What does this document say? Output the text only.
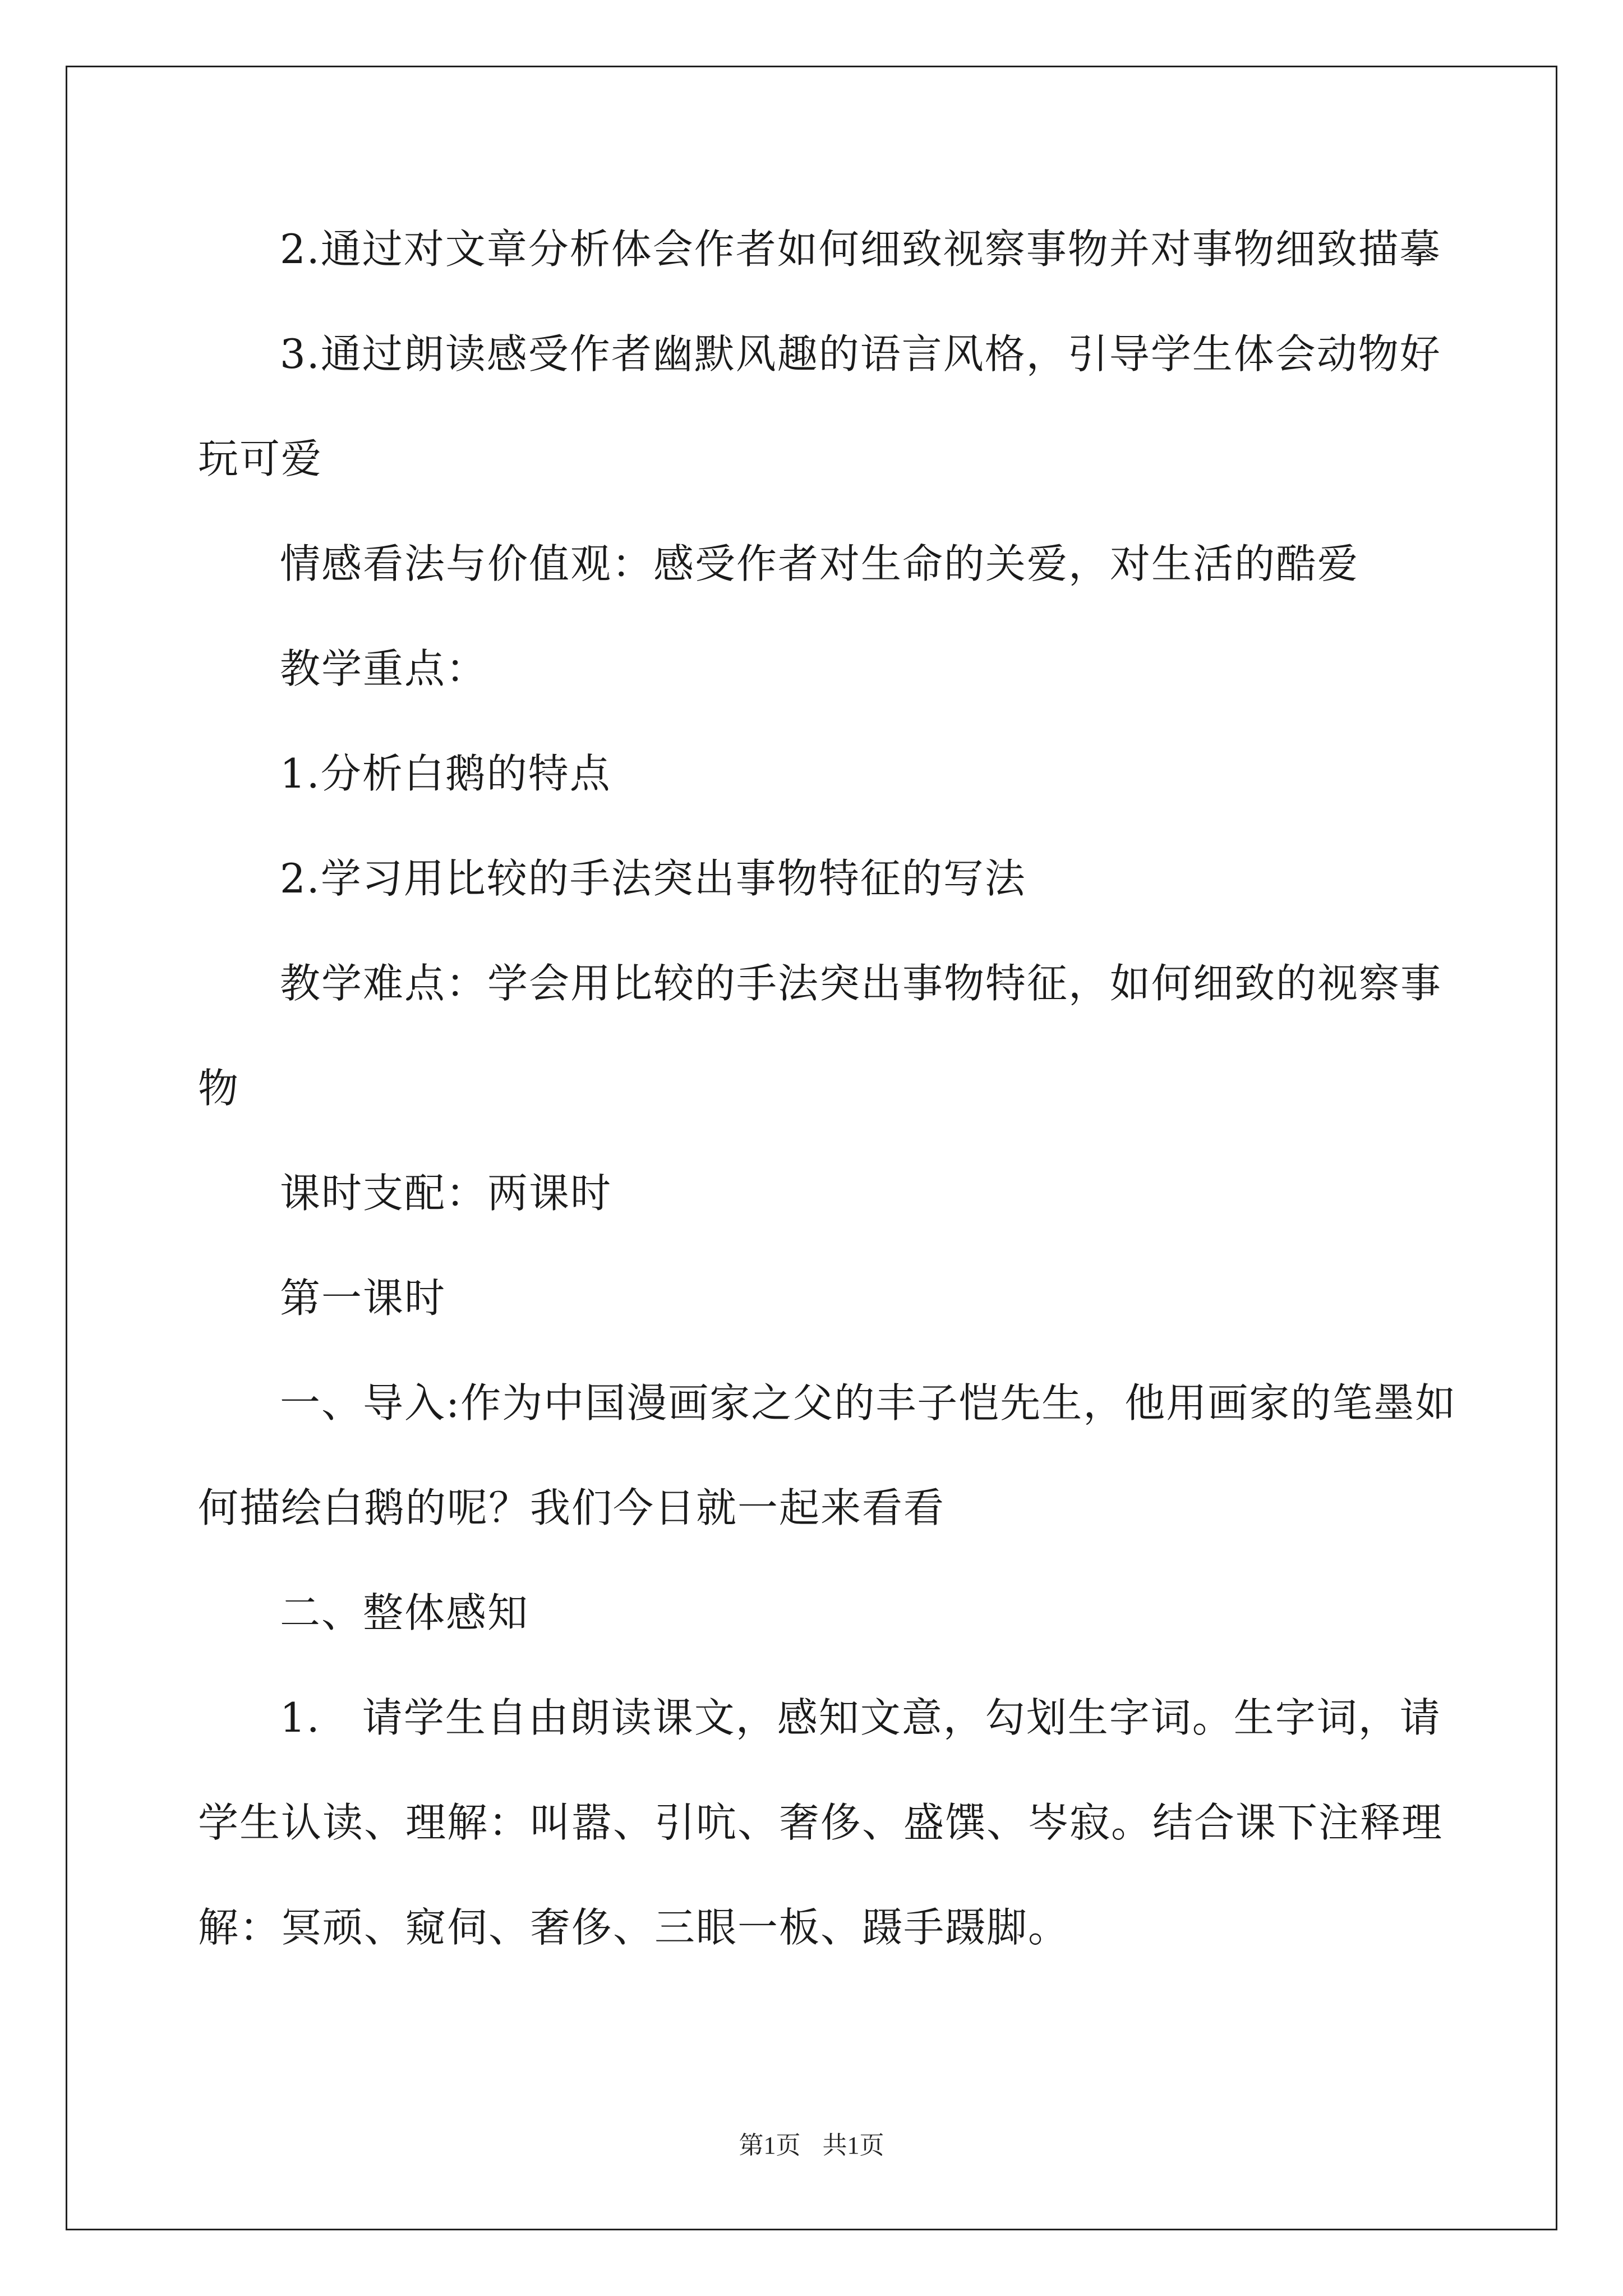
2.通过对文章分析体会作者如何细致视察事物并对事物细致描摹
3.通过朗读感受作者幽默风趣的语言风格，引导学生体会动物好
玩可爱
情感看法与价值观：感受作者对生命的关爱，对生活的酷爱
教学重点：
1.分析白鹅的特点
2.学习用比较的手法突出事物特征的写法
教学难点：学会用比较的手法突出事物特征，如何细致的视察事
物
课时支配：两课时
第一课时
一、导入:作为中国漫画家之父的丰子恺先生，他用画家的笔墨如
何描绘白鹅的呢？我们今日就一起来看看
二、整体感知
1.　请学生自由朗读课文，感知文意，勾划生字词。生字词，请
学生认读、理解：叫嚣、引吭、奢侈、盛馔、岑寂。结合课下注释理
解：冥顽、窥伺、奢侈、三眼一板、蹑手蹑脚。
第1页 共1页
